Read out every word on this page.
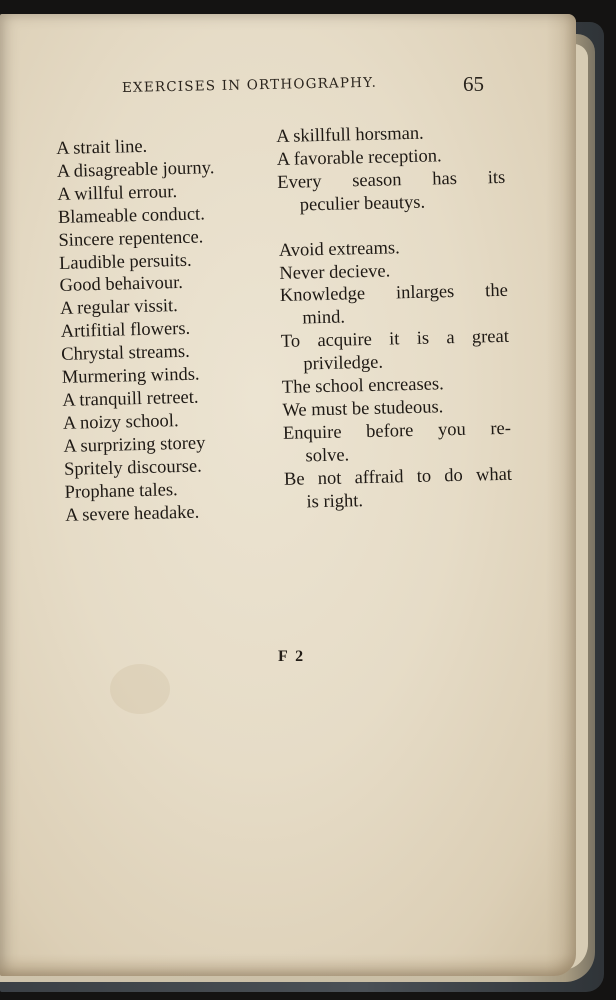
EXERCISES IN ORTHOGRAPHY.	65
A strait line.
A disagreable journy.
A willful errour.
Blameable conduct.
Sincere repentence.
Laudible persuits.
Good behaivour.
A regular vissit.
Artifitial flowers.
Chrystal streams.
Murmering winds.
A tranquill retreet.
A noizy school.
A surprizing storey
Spritely discourse.
Prophane tales.
A severe headake.
A skillfull horsman.
A favorable reception.
Every season has its
peculier beautys.
Avoid extreams.
Never decieve.
Knowledge inlarges the
mind.
To acquire it is a great
priviledge.
The school encreases.
We must be studeous.
Enquire before you re-
solve.
Be not affraid to do what
is right.
F 2
